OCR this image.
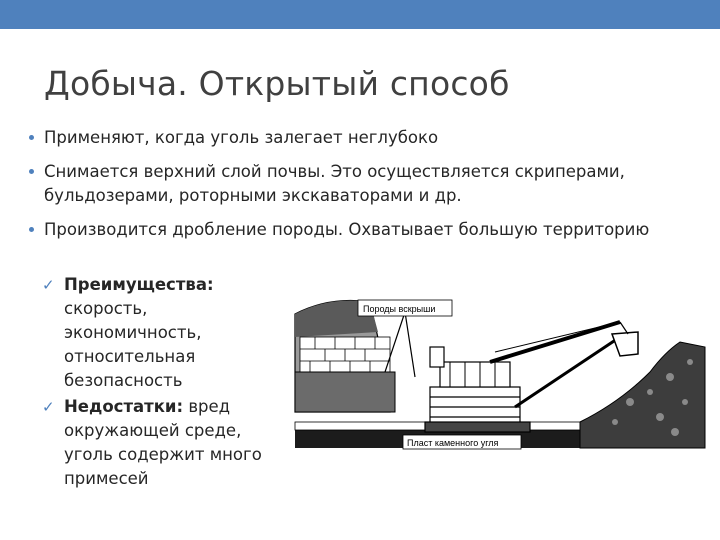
Добыча. Открытый способ
Применяют, когда уголь залегает неглубоко
Снимается верхний слой почвы. Это осуществляется скриперами, бульдозерами, роторными экскаваторами и др.
Производится дробление породы. Охватывает большую территорию
✓ Преимущества: скорость, экономичность, относительная безопасность
✓ Недостатки: вред окружающей среде, уголь содержит много примесей
Породы вскрыши
Пласт каменного угля
